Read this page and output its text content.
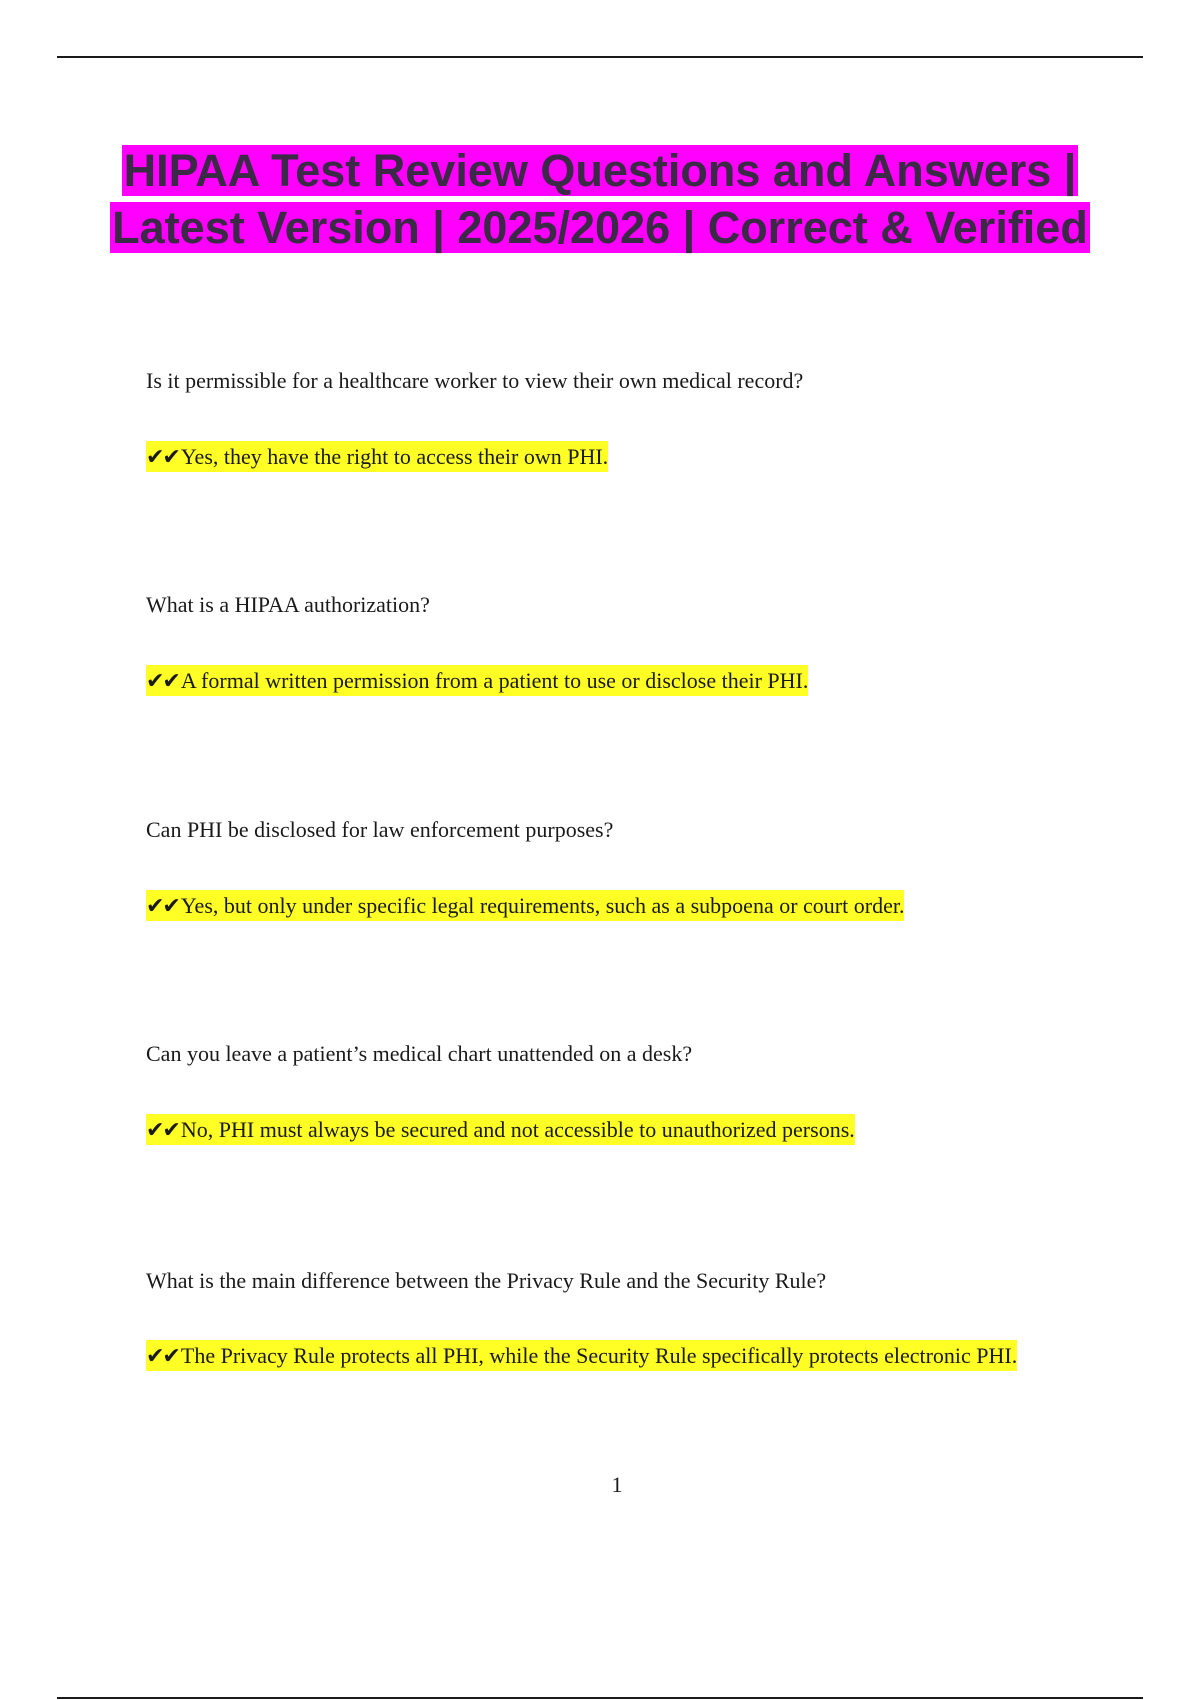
HIPAA Test Review Questions and Answers | Latest Version | 2025/2026 | Correct & Verified

Is it permissible for a healthcare worker to view their own medical record?

✔✔Yes, they have the right to access their own PHI.

What is a HIPAA authorization?

✔✔A formal written permission from a patient to use or disclose their PHI.

Can PHI be disclosed for law enforcement purposes?

✔✔Yes, but only under specific legal requirements, such as a subpoena or court order.

Can you leave a patient’s medical chart unattended on a desk?

✔✔No, PHI must always be secured and not accessible to unauthorized persons.

What is the main difference between the Privacy Rule and the Security Rule?

✔✔The Privacy Rule protects all PHI, while the Security Rule specifically protects electronic PHI.

1
